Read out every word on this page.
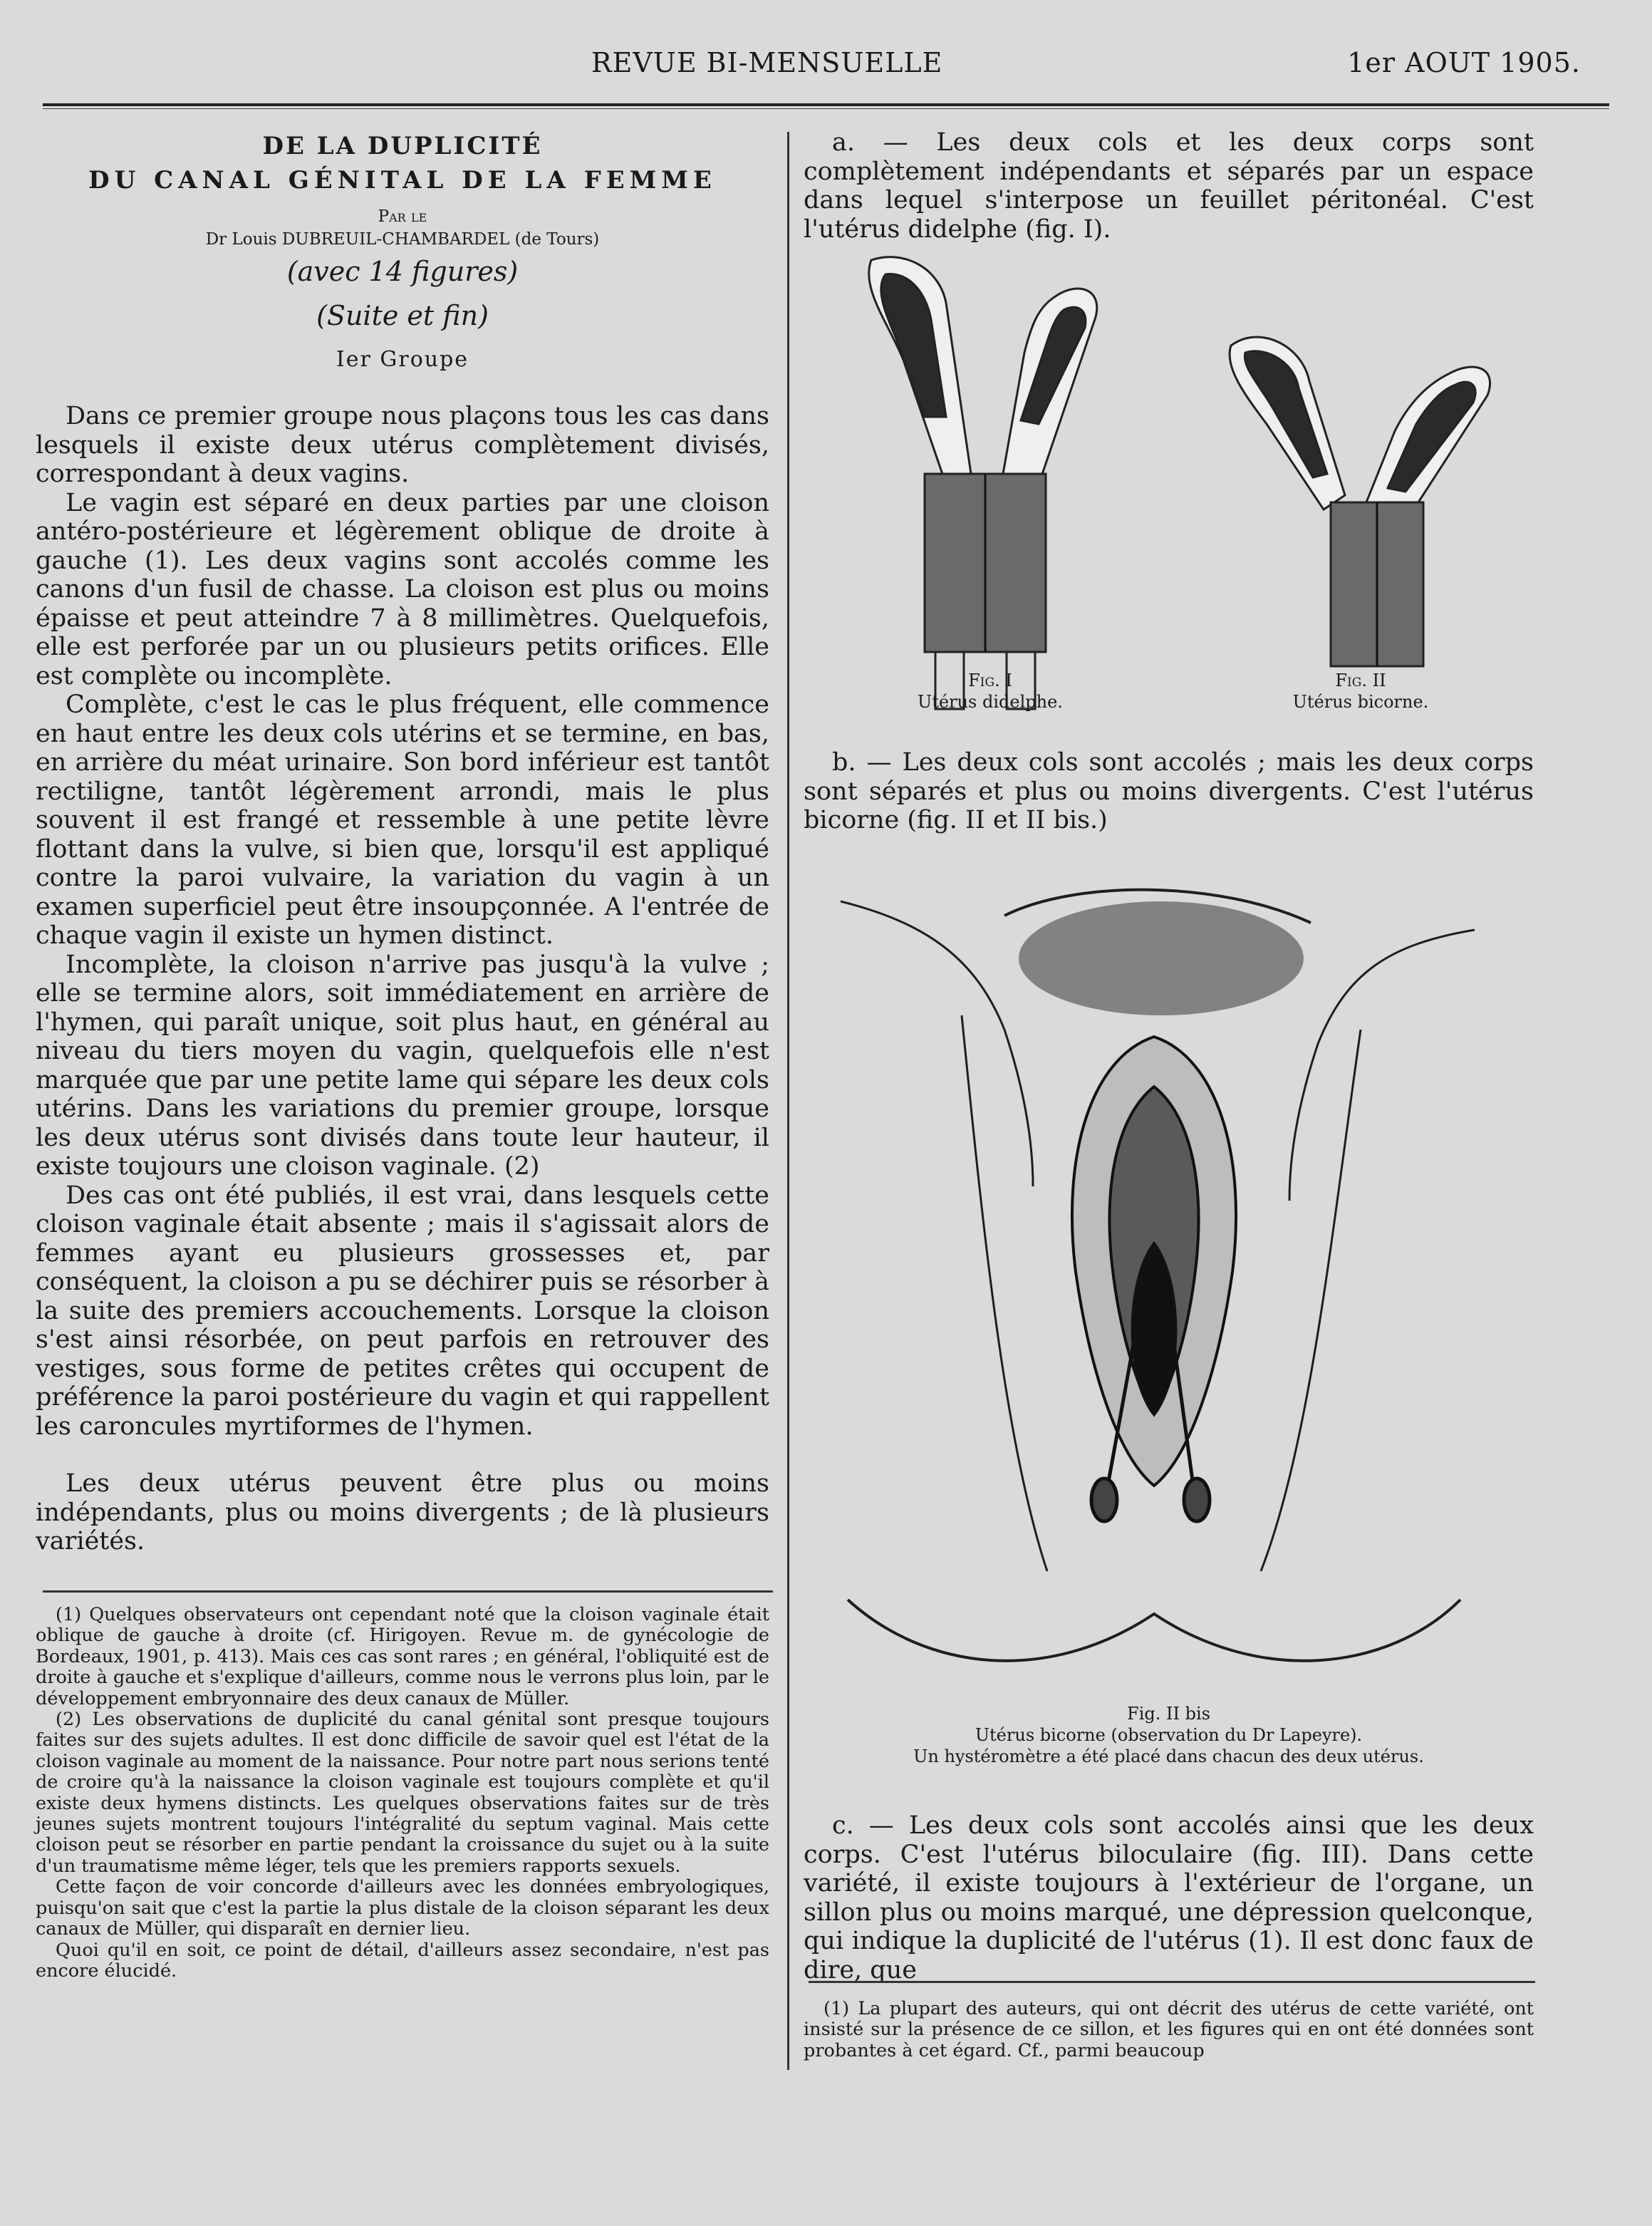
REVUE BI-MENSUELLE	1er AOUT 1905.
DE LA DUPLICITÉ
DU CANAL GÉNITAL DE LA FEMME
Par le
Dr Louis DUBREUIL-CHAMBARDEL (de Tours)
(avec 14 figures)
(Suite et fin)
Ier Groupe

Dans ce premier groupe nous plaçons tous les cas dans lesquels il existe deux utérus complètement divisés, correspondant à deux vagins.

Le vagin est séparé en deux parties par une cloison antéro-postérieure et légèrement oblique de droite à gauche (1). Les deux vagins sont accolés comme les canons d'un fusil de chasse. La cloison est plus ou moins épaisse et peut atteindre 7 à 8 millimètres. Quelquefois, elle est perforée par un ou plusieurs petits orifices. Elle est complète ou incomplète.

Complète, c'est le cas le plus fréquent, elle commence en haut entre les deux cols utérins et se termine, en bas, en arrière du méat urinaire. Son bord inférieur est tantôt rectiligne, tantôt légèrement arrondi, mais le plus souvent il est frangé et ressemble à une petite lèvre flottant dans la vulve, si bien que, lorsqu'il est appliqué contre la paroi vulvaire, la variation du vagin à un examen superficiel peut être insoupçonnée. A l'entrée de chaque vagin il existe un hymen distinct.

Incomplète, la cloison n'arrive pas jusqu'à la vulve ; elle se termine alors, soit immédiatement en arrière de l'hymen, qui paraît unique, soit plus haut, en général au niveau du tiers moyen du vagin, quelquefois elle n'est marquée que par une petite lame qui sépare les deux cols utérins. Dans les variations du premier groupe, lorsque les deux utérus sont divisés dans toute leur hauteur, il existe toujours une cloison vaginale. (2)

Des cas ont été publiés, il est vrai, dans lesquels cette cloison vaginale était absente ; mais il s'agissait alors de femmes ayant eu plusieurs grossesses et, par conséquent, la cloison a pu se déchirer puis se résorber à la suite des premiers accouchements. Lorsque la cloison s'est ainsi résorbée, on peut parfois en retrouver des vestiges, sous forme de petites crêtes qui occupent de préférence la paroi postérieure du vagin et qui rappellent les caroncules myrtiformes de l'hymen.

Les deux utérus peuvent être plus ou moins indépendants, plus ou moins divergents ; de là plusieurs variétés.

(1) Quelques observateurs ont cependant noté que la cloison vaginale était oblique de gauche à droite (cf. Hirigoyen. Revue m. de gynécologie de Bordeaux, 1901, p. 413). Mais ces cas sont rares ; en général, l'obliquité est de droite à gauche et s'explique d'ailleurs, comme nous le verrons plus loin, par le développement embryonnaire des deux canaux de Müller.

(2) Les observations de duplicité du canal génital sont presque toujours faites sur des sujets adultes. Il est donc difficile de savoir quel est l'état de la cloison vaginale au moment de la naissance. Pour notre part nous serions tenté de croire qu'à la naissance la cloison vaginale est toujours complète et qu'il existe deux hymens distincts. Les quelques observations faites sur de très jeunes sujets montrent toujours l'intégralité du septum vaginal. Mais cette cloison peut se résorber en partie pendant la croissance du sujet ou à la suite d'un traumatisme même léger, tels que les premiers rapports sexuels.

Cette façon de voir concorde d'ailleurs avec les données embryologiques, puisqu'on sait que c'est la partie la plus distale de la cloison séparant les deux canaux de Müller, qui disparaît en dernier lieu.

Quoi qu'il en soit, ce point de détail, d'ailleurs assez secondaire, n'est pas encore élucidé.

a. — Les deux cols et les deux corps sont complètement indépendants et séparés par un espace dans lequel s'interpose un feuillet péritonéal. C'est l'utérus didelphe (fig. I).

Fig. I
Utérus didelphe.
Fig. II
Utérus bicorne.

b. — Les deux cols sont accolés ; mais les deux corps sont séparés et plus ou moins divergents. C'est l'utérus bicorne (fig. II et II bis.)

Fig. II bis
Utérus bicorne (observation du Dr Lapeyre).
Un hystéromètre a été placé dans chacun des deux utérus.

c. — Les deux cols sont accolés ainsi que les deux corps. C'est l'utérus biloculaire (fig. III). Dans cette variété, il existe toujours à l'extérieur de l'organe, un sillon plus ou moins marqué, une dépression quelconque, qui indique la duplicité de l'utérus (1). Il est donc faux de dire, que

(1) La plupart des auteurs, qui ont décrit des utérus de cette variété, ont insisté sur la présence de ce sillon, et les figures qui en ont été données sont probantes à cet égard. Cf., parmi beaucoup
